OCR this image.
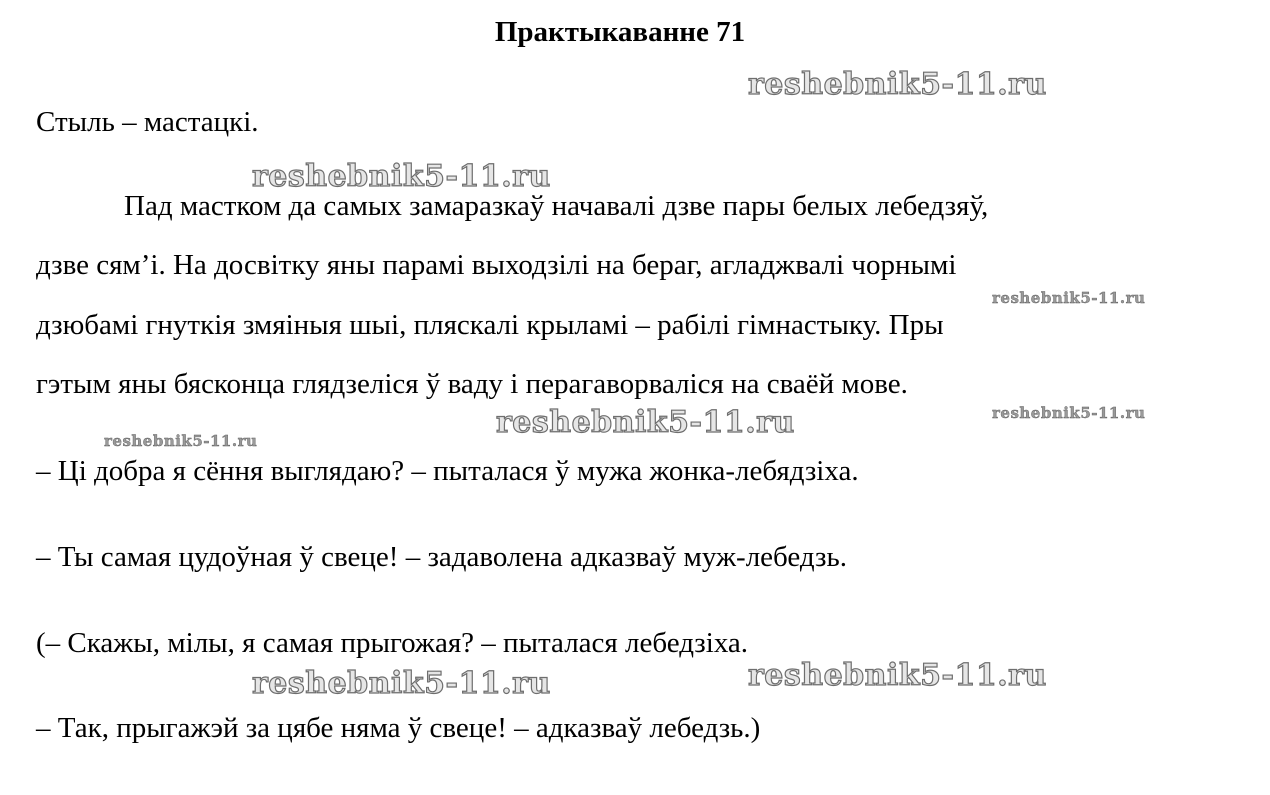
Практыкаванне 71
reshebnik5-11.ru
Стыль – мастацкі.
reshebnik5-11.ru
Пад мастком да самых замаразкаў начавалі дзве пары белых лебедзяў,
дзве сям’і. На досвітку яны парамі выходзілі на бераг, агладжвалі чорнымі
reshebnik5-11.ru
дзюбамі гнуткія змяіныя шыі, пляскалі крыламі – рабілі гімнастыку. Пры
гэтым яны бясконца глядзеліся ў ваду і перагаворваліся на сваёй мове.
reshebnik5-11.ru
reshebnik5-11.ru
reshebnik5-11.ru
– Ці добра я сёння выглядаю? – пыталася ў мужа жонка-лебядзіха.
– Ты самая цудоўная ў свеце! – задаволена адказваў муж-лебедзь.
(– Скажы, мілы, я самая прыгожая? – пыталася лебедзіха.
reshebnik5-11.ru
reshebnik5-11.ru
– Так, прыгажэй за цябе няма ў свеце! – адказваў лебедзь.)
